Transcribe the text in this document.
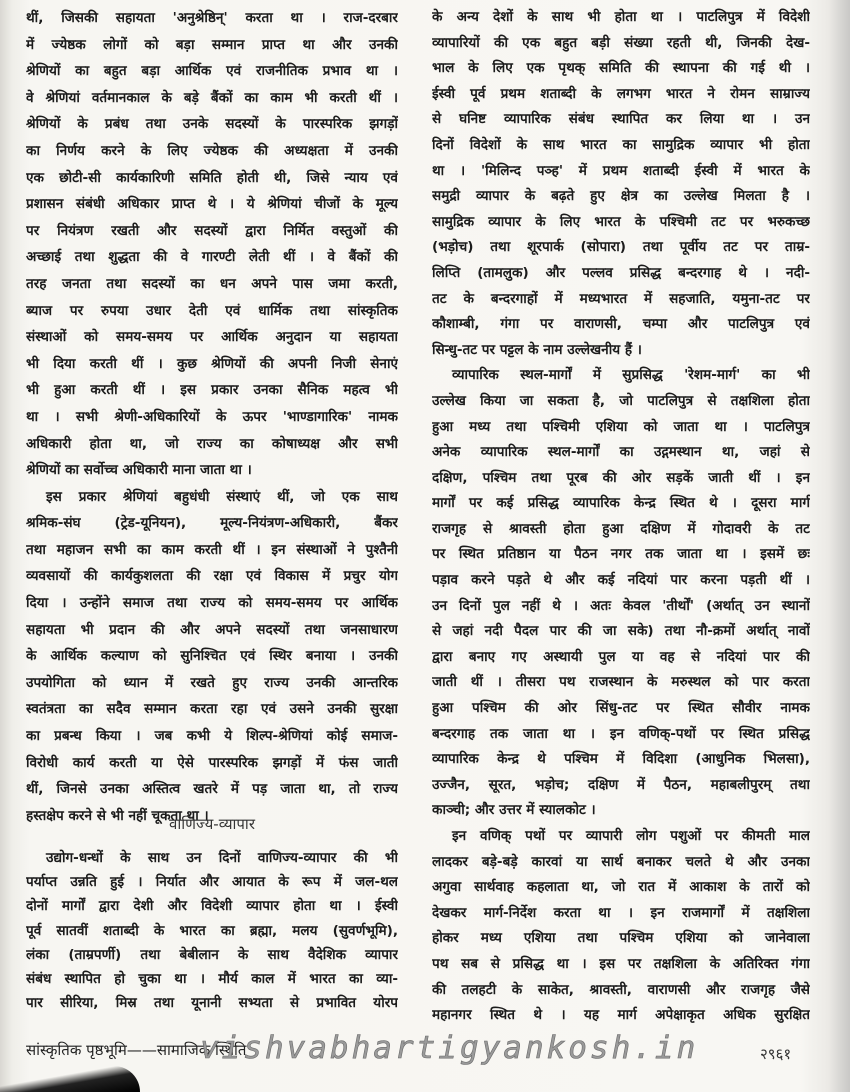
थीं, जिसकी सहायता 'अनुश्रेष्ठिन्' करता था । राज-दरबार
में ज्येष्ठक लोगों को बड़ा सम्मान प्राप्त था और उनकी
श्रेणियों का बहुत बड़ा आर्थिक एवं राजनीतिक प्रभाव था ।
वे श्रेणियां वर्तमानकाल के बड़े बैंकों का काम भी करती थीं ।
श्रेणियों के प्रबंध तथा उनके सदस्यों के पारस्परिक झगड़ों
का निर्णय करने के लिए ज्येष्ठक की अध्यक्षता में उनकी
एक छोटी-सी कार्यकारिणी समिति होती थी, जिसे न्याय एवं
प्रशासन संबंधी अधिकार प्राप्त थे । ये श्रेणियां चीजों के मूल्य
पर नियंत्रण रखती और सदस्यों द्वारा निर्मित वस्तुओं की
अच्छाई तथा शुद्धता की वे गारण्टी लेती थीं । वे बैंकों की
तरह जनता तथा सदस्यों का धन अपने पास जमा करती,
ब्याज पर रुपया उधार देती एवं धार्मिक तथा सांस्कृतिक
संस्थाओं को समय-समय पर आर्थिक अनुदान या सहायता
भी दिया करती थीं । कुछ श्रेणियों की अपनी निजी सेनाएं
भी हुआ करती थीं । इस प्रकार उनका सैनिक महत्व भी
था । सभी श्रेणी-अधिकारियों के ऊपर 'भाण्डागारिक' नामक
अधिकारी होता था, जो राज्य का कोषाध्यक्ष और सभी
श्रेणियों का सर्वोच्च अधिकारी माना जाता था ।
इस प्रकार श्रेणियां बहुधंधी संस्थाएं थीं, जो एक साथ
श्रमिक-संघ (ट्रेड-यूनियन), मूल्य-नियंत्रण-अधिकारी, बैंकर
तथा महाजन सभी का काम करती थीं । इन संस्थाओं ने पुश्तैनी
व्यवसायों की कार्यकुशलता की रक्षा एवं विकास में प्रचुर योग
दिया । उन्होंने समाज तथा राज्य को समय-समय पर आर्थिक
सहायता भी प्रदान की और अपने सदस्यों तथा जनसाधारण
के आर्थिक कल्याण को सुनिश्चित एवं स्थिर बनाया । उनकी
उपयोगिता को ध्यान में रखते हुए राज्य उनकी आन्तरिक
स्वतंत्रता का सदैव सम्मान करता रहा एवं उसने उनकी सुरक्षा
का प्रबन्ध किया । जब कभी ये शिल्प-श्रेणियां कोई समाज-
विरोधी कार्य करती या ऐसे पारस्परिक झगड़ों में फंस जाती
थीं, जिनसे उनका अस्तित्व खतरे में पड़ जाता था, तो राज्य
हस्तक्षेप करने से भी नहीं चूकता था ।
वाणिज्य-व्यापार
उद्योग-धन्धों के साथ उन दिनों वाणिज्य-व्यापार की भी
पर्याप्त उन्नति हुई । निर्यात और आयात के रूप में जल-थल
दोनों मार्गों द्वारा देशी और विदेशी व्यापार होता था । ईस्वी
पूर्व सातवीं शताब्दी के भारत का ब्रह्मा, मलय (सुवर्णभूमि),
लंका (ताम्रपर्णी) तथा बेबीलान के साथ वैदेशिक व्यापार
संबंध स्थापित हो चुका था । मौर्य काल में भारत का व्या-
पार सीरिया, मिस्र तथा यूनानी सभ्यता से प्रभावित योरप
के अन्य देशों के साथ भी होता था । पाटलिपुत्र में विदेशी
व्यापारियों की एक बहुत बड़ी संख्या रहती थी, जिनकी देख-
भाल के लिए एक पृथक् समिति की स्थापना की गई थी ।
ईस्वी पूर्व प्रथम शताब्दी के लगभग भारत ने रोमन साम्राज्य
से घनिष्ट व्यापारिक संबंध स्थापित कर लिया था । उन
दिनों विदेशों के साथ भारत का सामुद्रिक व्यापार भी होता
था । 'मिलिन्द पञ्ह' में प्रथम शताब्दी ईस्वी में भारत के
समुद्री व्यापार के बढ़ते हुए क्षेत्र का उल्लेख मिलता है ।
सामुद्रिक व्यापार के लिए भारत के पश्चिमी तट पर भरुकच्छ
(भड़ोच) तथा शूरपार्क (सोपारा) तथा पूर्वीय तट पर ताम्र-
लिप्ति (तामलुक) और पल्लव प्रसिद्ध बन्दरगाह थे । नदी-
तट के बन्दरगाहों में मध्यभारत में सहजाति, यमुना-तट पर
कौशाम्बी, गंगा पर वाराणसी, चम्पा और पाटलिपुत्र एवं
सिन्धु-तट पर पट्टल के नाम उल्लेखनीय हैं ।
व्यापारिक स्थल-मार्गों में सुप्रसिद्ध 'रेशम-मार्ग' का भी
उल्लेख किया जा सकता है, जो पाटलिपुत्र से तक्षशिला होता
हुआ मध्य तथा पश्चिमी एशिया को जाता था । पाटलिपुत्र
अनेक व्यापारिक स्थल-मार्गों का उद्गमस्थान था, जहां से
दक्षिण, पश्चिम तथा पूरब की ओर सड़कें जाती थीं । इन
मार्गों पर कई प्रसिद्ध व्यापारिक केन्द्र स्थित थे । दूसरा मार्ग
राजगृह से श्रावस्ती होता हुआ दक्षिण में गोदावरी के तट
पर स्थित प्रतिष्ठान या पैठन नगर तक जाता था । इसमें छः
पड़ाव करने पड़ते थे और कई नदियां पार करना पड़ती थीं ।
उन दिनों पुल नहीं थे । अतः केवल 'तीर्थों' (अर्थात् उन स्थानों
से जहां नदी पैदल पार की जा सके) तथा नौ-क्रमों अर्थात् नावों
द्वारा बनाए गए अस्थायी पुल या वह से नदियां पार की
जाती थीं । तीसरा पथ राजस्थान के मरुस्थल को पार करता
हुआ पश्चिम की ओर सिंधु-तट पर स्थित सौवीर नामक
बन्दरगाह तक जाता था । इन वणिक्-पथों पर स्थित प्रसिद्ध
व्यापारिक केन्द्र थे पश्चिम में विदिशा (आधुनिक भिलसा),
उज्जैन, सूरत, भड़ोच; दक्षिण में पैठन, महाबलीपुरम् तथा
काञ्ची; और उत्तर में स्यालकोट ।
इन वणिक् पथों पर व्यापारी लोग पशुओं पर कीमती माल
लादकर बड़े-बड़े कारवां या सार्थ बनाकर चलते थे और उनका
अगुवा सार्थवाह कहलाता था, जो रात में आकाश के तारों को
देखकर मार्ग-निर्देश करता था । इन राजमार्गों में तक्षशिला
होकर मध्य एशिया तथा पश्चिम एशिया को जानेवाला
पथ सब से प्रसिद्ध था । इस पर तक्षशिला के अतिरिक्त गंगा
की तलहटी के साकेत, श्रावस्ती, वाराणसी और राजगृह जैसे
महानगर स्थित थे । यह मार्ग अपेक्षाकृत अधिक सुरक्षित
सांस्कृतिक पृष्ठभूमि——सामाजिक स्थिति
vishvabhartigyankosh.in	२९६१
